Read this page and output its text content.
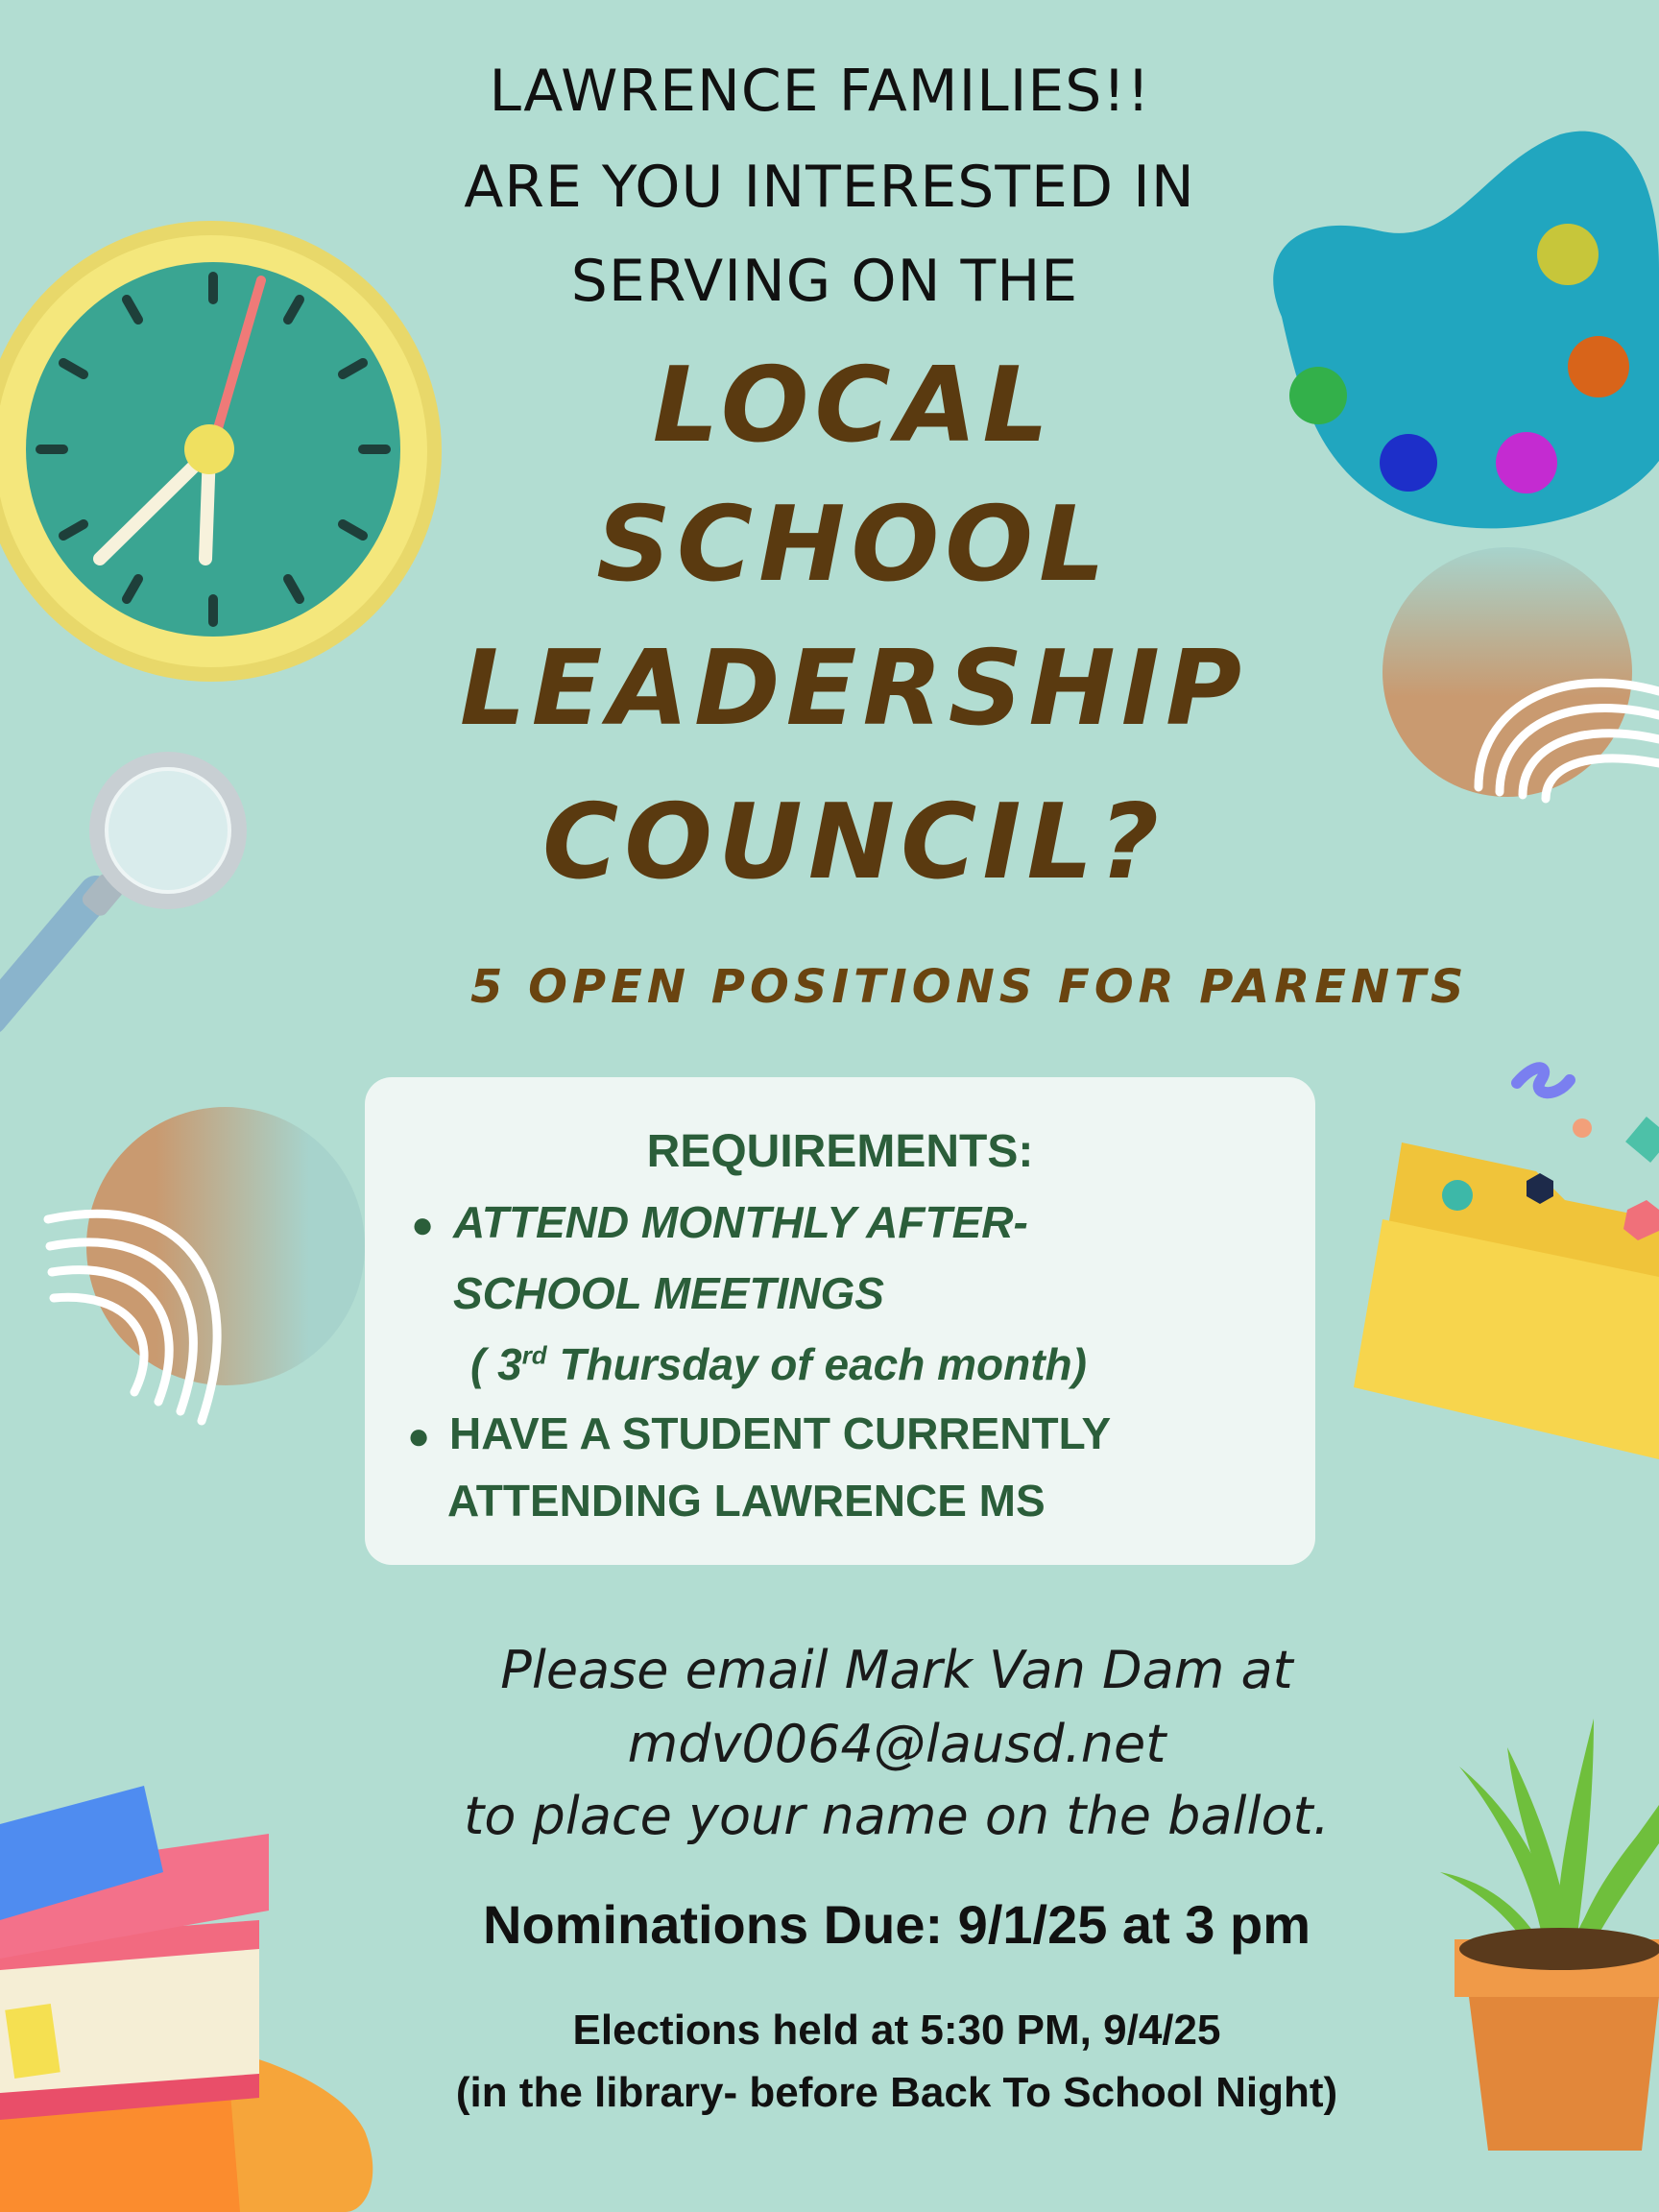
LAWRENCE FAMILIES!!
ARE YOU INTERESTED IN
SERVING ON THE
LOCAL
SCHOOL
LEADERSHIP
COUNCIL?
5 OPEN POSITIONS FOR PARENTS
REQUIREMENTS:
● ATTEND MONTHLY AFTER-
SCHOOL MEETINGS
( 3rd Thursday of each month)
● HAVE A STUDENT CURRENTLY
ATTENDING LAWRENCE MS
Please email Mark Van Dam at
mdv0064@lausd.net
to place your name on the ballot.
Nominations Due: 9/1/25 at 3 pm
Elections held at 5:30 PM, 9/4/25
(in the library- before Back To School Night)
